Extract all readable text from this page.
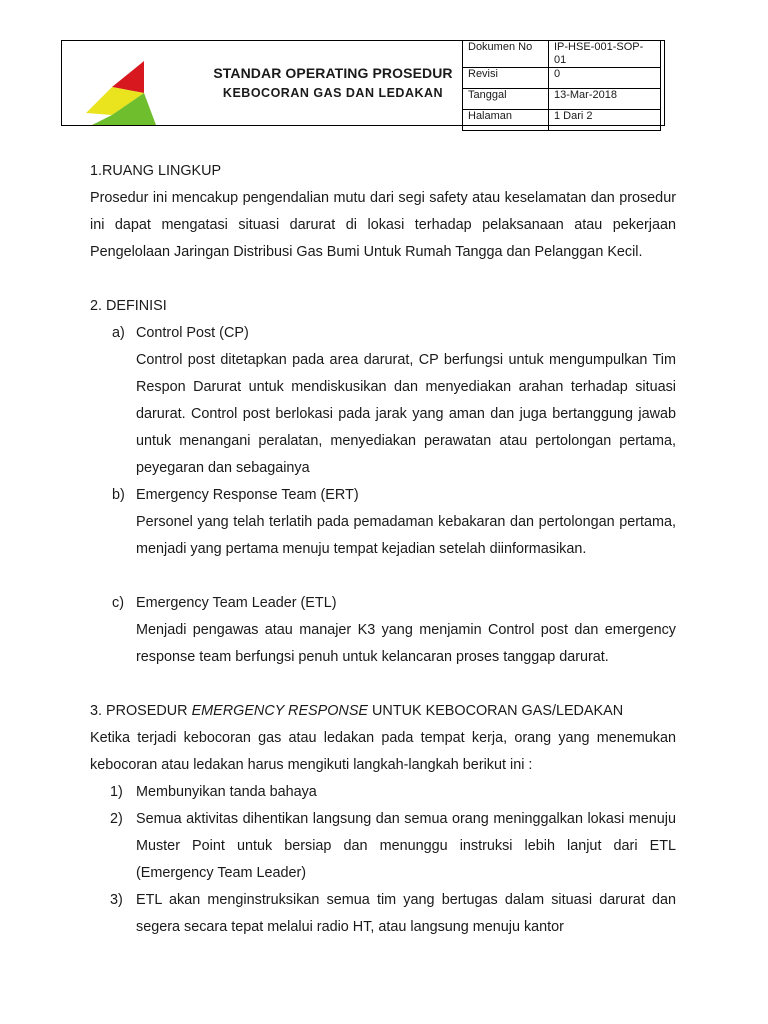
STANDAR OPERATING PROSEDUR
KEBOCORAN GAS DAN LEDAKAN
Dokumen No	IP-HSE-001-SOP-01
Revisi	0
Tanggal	13-Mar-2018
Halaman	1 Dari 2

1.RUANG LINGKUP

Prosedur ini mencakup pengendalian mutu dari segi safety atau keselamatan dan prosedur ini dapat mengatasi situasi darurat di lokasi terhadap pelaksanaan atau pekerjaan Pengelolaan Jaringan Distribusi Gas Bumi Untuk Rumah Tangga dan Pelanggan Kecil.

2. DEFINISI

a) Control Post (CP)

Control post ditetapkan pada area darurat, CP berfungsi untuk mengumpulkan Tim Respon Darurat untuk mendiskusikan dan menyediakan arahan terhadap situasi darurat. Control post berlokasi pada jarak yang aman dan juga bertanggung jawab untuk menangani peralatan, menyediakan perawatan atau pertolongan pertama, peyegaran dan sebagainya

b) Emergency Response Team (ERT)

Personel yang telah terlatih pada pemadaman kebakaran dan pertolongan pertama, menjadi yang pertama menuju tempat kejadian setelah diinformasikan.

c) Emergency Team Leader (ETL)

Menjadi pengawas atau manajer K3 yang menjamin Control post dan emergency response team berfungsi penuh untuk kelancaran proses tanggap darurat.

3. PROSEDUR EMERGENCY RESPONSE UNTUK KEBOCORAN GAS/LEDAKAN

Ketika terjadi kebocoran gas atau ledakan pada tempat kerja, orang yang menemukan kebocoran atau ledakan harus mengikuti langkah-langkah berikut ini :

1) Membunyikan tanda bahaya

2) Semua aktivitas dihentikan langsung dan semua orang meninggalkan lokasi menuju Muster Point untuk bersiap dan menunggu instruksi lebih lanjut dari ETL (Emergency Team Leader)

3) ETL akan menginstruksikan semua tim yang bertugas dalam situasi darurat dan segera secara tepat melalui radio HT, atau langsung menuju kantor
